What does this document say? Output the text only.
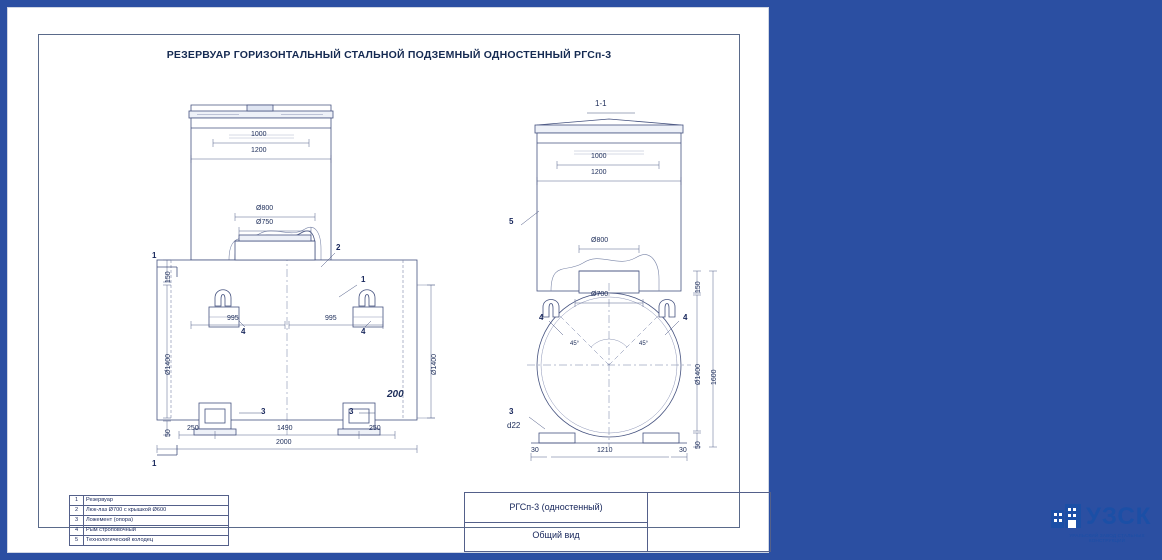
РЕЗЕРВУАР ГОРИЗОНТАЛЬНЫЙ СТАЛЬНОЙ ПОДЗЕМНЫЙ ОДНОСТЕННЫЙ РГСп-3
1000
1200
Ø800
Ø750
995	995
1490
250	250
2000
200
150
Ø1400
50
Ø1400
1
1
2
1
4	4
3	3
1-1
1000
1200
Ø800
Ø700
45°	45°
150
Ø1400 1600
50
30	1210	30
5
4	4
3
d22
1	Резервуар
2	Люк-лаз Ø700 с крышкой Ø600
3	Ложемент (опора)
4	Рым строповочный
5	Технологический колодец
РГСп-3 (одностенный)
Общий вид
УЗСК
УРАЛЬСКИЙ ЗАВОД СТАЛЬНЫХ КОНСТРУКЦИЙ
